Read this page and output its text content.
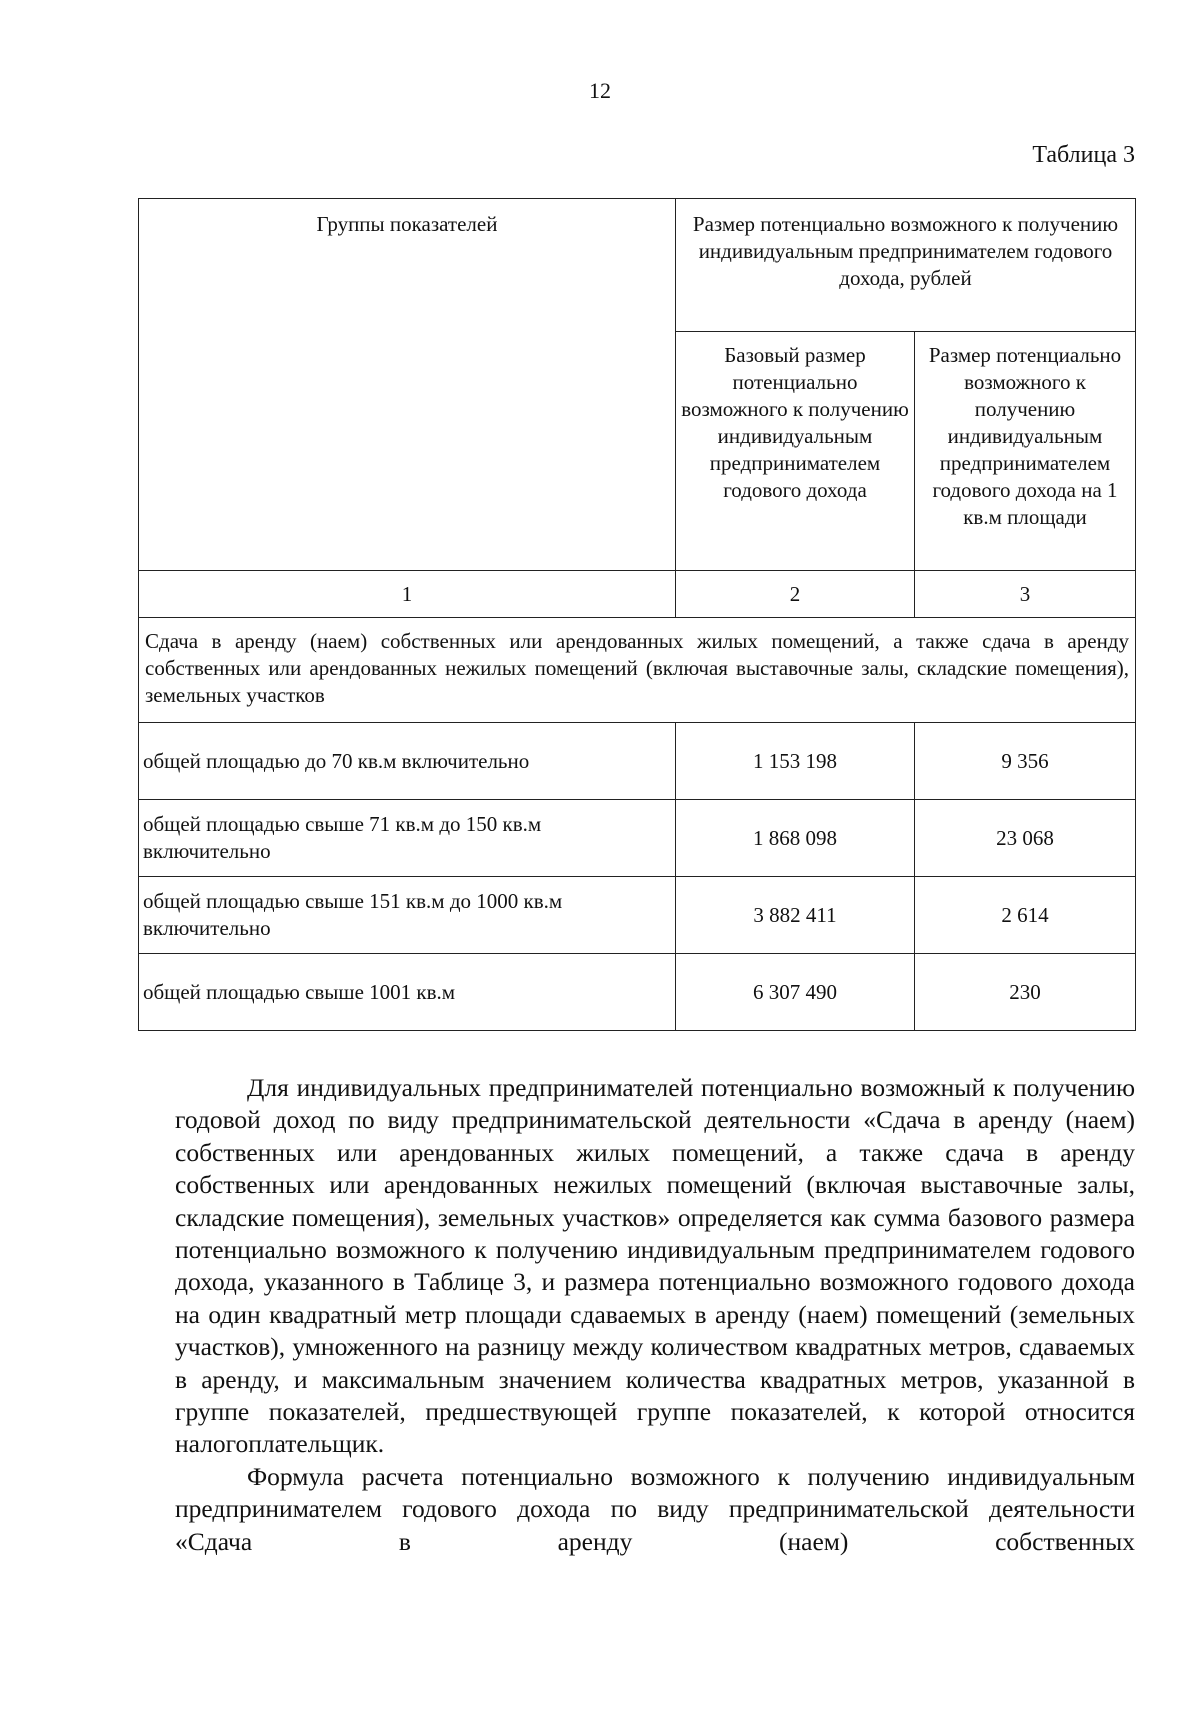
12
Таблица 3
Группы показателей	Размер потенциально возможного к получению индивидуальным предпринимателем годового дохода, рублей	
	Базовый размер потенциально возможного к получению индивидуальным предпринимателем годового дохода	Размер потенциально возможного к получению индивидуальным предпринимателем годового дохода на 1 кв.м площади
1	2	3
Сдача в аренду (наем) собственных или арендованных жилых помещений, а также сдача в аренду собственных или арендованных нежилых помещений (включая выставочные залы, складские помещения), земельных участков		
общей площадью до 70 кв.м включительно	1 153 198	9 356
общей площадью свыше 71 кв.м до 150 кв.м включительно	1 868 098	23 068
общей площадью свыше 151 кв.м до 1000 кв.м включительно	3 882 411	2 614
общей площадью свыше 1001 кв.м	6 307 490	230

Для индивидуальных предпринимателей потенциально возможный к получению годовой доход по виду предпринимательской деятельности «Сдача в аренду (наем) собственных или арендованных жилых помещений, а также сдача в аренду собственных или арендованных нежилых помещений (включая выставочные залы, складские помещения), земельных участков» определяется как сумма базового размера потенциально возможного к получению индивидуальным предпринимателем годового дохода, указанного в Таблице 3, и размера потенциально возможного годового дохода на один квадратный метр площади сдаваемых в аренду (наем) помещений (земельных участков), умноженного на разницу между количеством квадратных метров, сдаваемых в аренду, и максимальным значением количества квадратных метров, указанной в группе показателей, предшествующей группе показателей, к которой относится налогоплательщик.

Формула расчета потенциально возможного к получению индивидуальным предпринимателем годового дохода по виду предпринимательской деятельности «Сдача в аренду (наем) собственных
